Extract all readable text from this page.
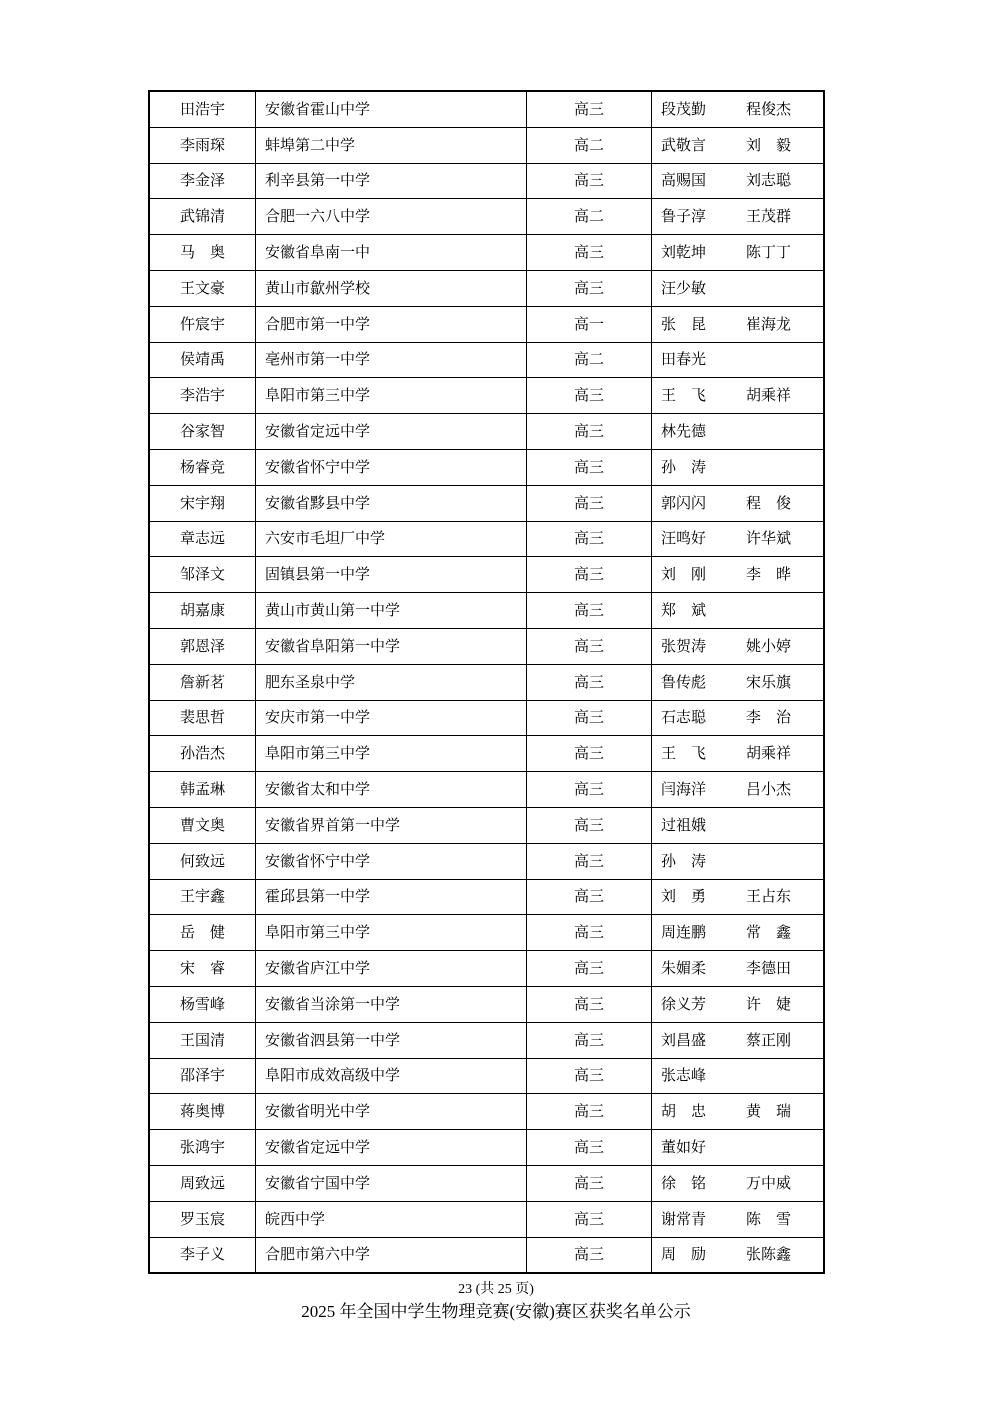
田浩宇	安徽省霍山中学	高三	段茂勤 程俊杰
李雨琛	蚌埠第二中学	高二	武敬言 刘　毅
李金泽	利辛县第一中学	高三	高赐国 刘志聪
武锦清	合肥一六八中学	高二	鲁子淳 王茂群
马　奥	安徽省阜南一中	高三	刘乾坤 陈丁丁
王文豪	黄山市歙州学校	高三	汪少敏
仵宸宇	合肥市第一中学	高一	张　昆 崔海龙
侯靖禹	亳州市第一中学	高二	田春光
李浩宇	阜阳市第三中学	高三	王　飞 胡乘祥
谷家智	安徽省定远中学	高三	林先德
杨睿竞	安徽省怀宁中学	高三	孙　涛
宋宇翔	安徽省黟县中学	高三	郭闪闪 程　俊
章志远	六安市毛坦厂中学	高三	汪鸣好 许华斌
邹泽文	固镇县第一中学	高三	刘　刚 李　晔
胡嘉康	黄山市黄山第一中学	高三	郑　斌
郭恩泽	安徽省阜阳第一中学	高三	张贺涛 姚小婷
詹新茗	肥东圣泉中学	高三	鲁传彪 宋乐旗
裴思哲	安庆市第一中学	高三	石志聪 李　治
孙浩杰	阜阳市第三中学	高三	王　飞 胡乘祥
韩孟琳	安徽省太和中学	高三	闫海洋 吕小杰
曹文奥	安徽省界首第一中学	高三	过祖娥
何致远	安徽省怀宁中学	高三	孙　涛
王宇鑫	霍邱县第一中学	高三	刘　勇 王占东
岳　健	阜阳市第三中学	高三	周连鹏 常　鑫
宋　睿	安徽省庐江中学	高三	朱媚柔 李德田
杨雪峰	安徽省当涂第一中学	高三	徐义芳 许　婕
王国清	安徽省泗县第一中学	高三	刘昌盛 蔡正刚
邵泽宇	阜阳市成效高级中学	高三	张志峰
蒋奥博	安徽省明光中学	高三	胡　忠 黄　瑞
张鸿宇	安徽省定远中学	高三	董如好
周致远	安徽省宁国中学	高三	徐　铭 万中威
罗玉宸	皖西中学	高三	谢常青 陈　雪
李子义	合肥市第六中学	高三	周　励 张陈鑫
23 (共 25 页)
2025 年全国中学生物理竞赛(安徽)赛区获奖名单公示
